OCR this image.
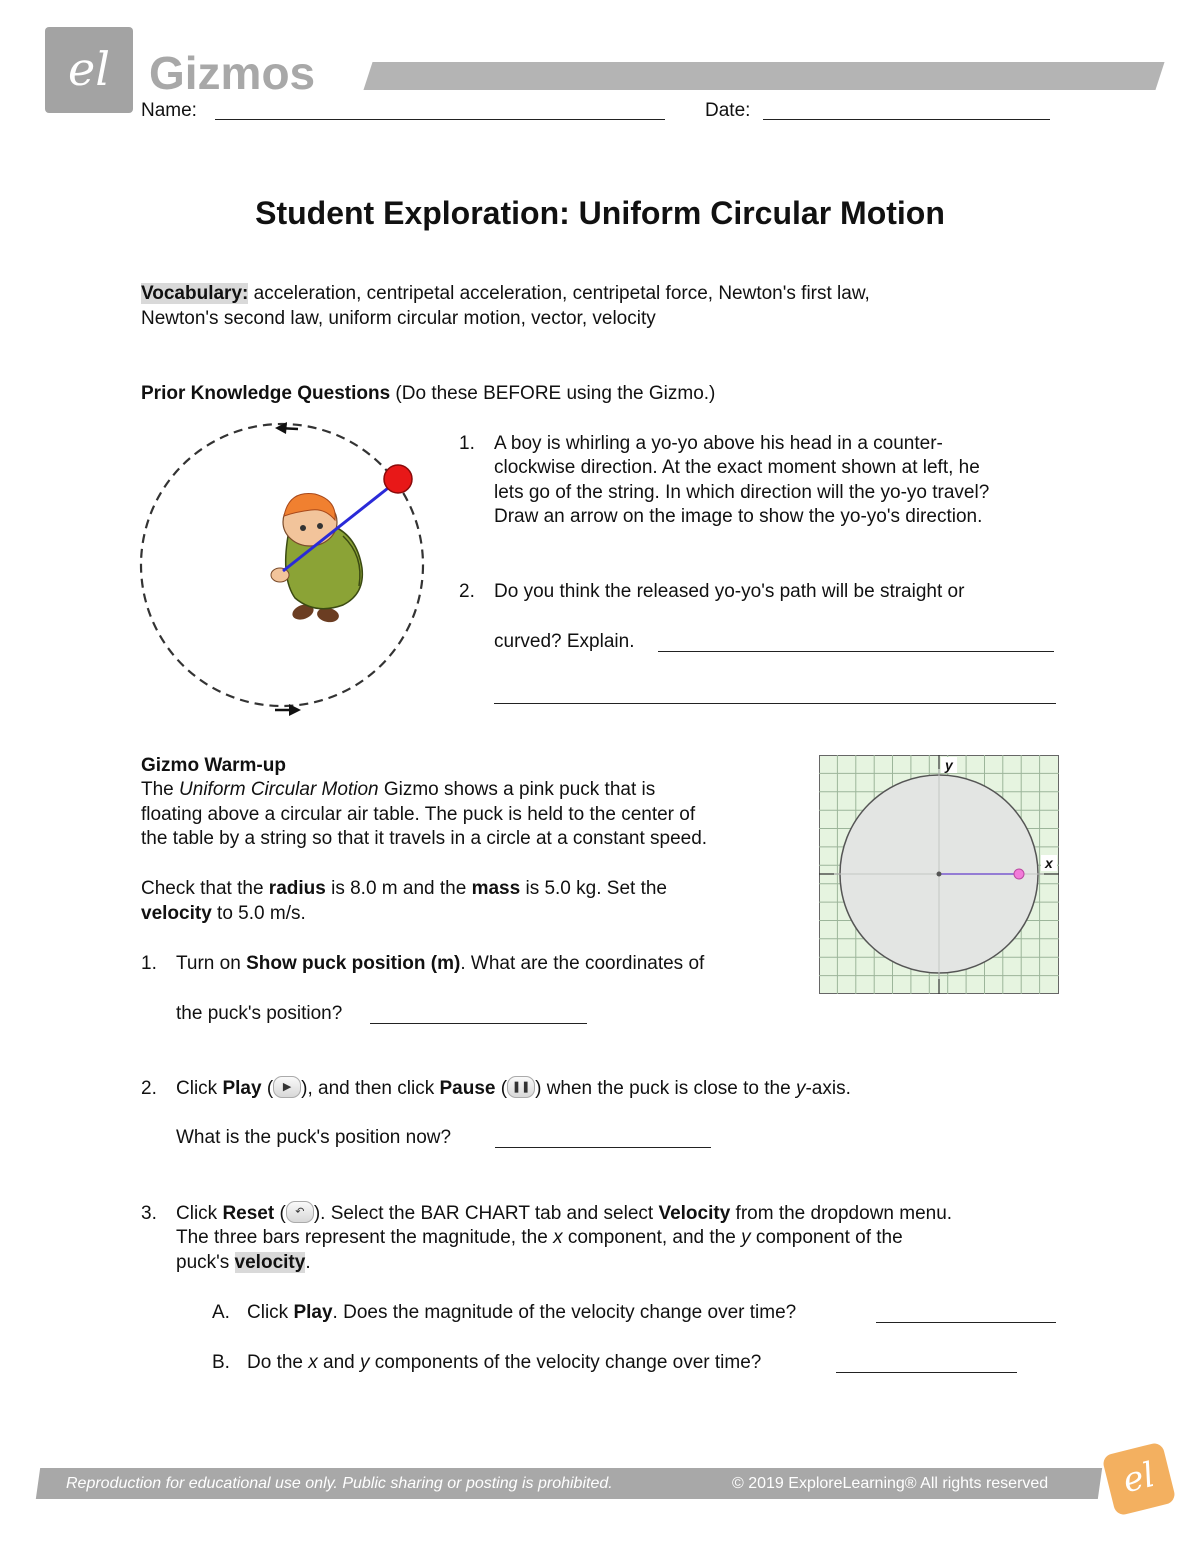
el Gizmos
Name:	Date:
Student Exploration: Uniform Circular Motion
Vocabulary: acceleration, centripetal acceleration, centripetal force, Newton's first law,
Newton's second law, uniform circular motion, vector, velocity
Prior Knowledge Questions (Do these BEFORE using the Gizmo.)
1. A boy is whirling a yo-yo above his head in a counter-
clockwise direction. At the exact moment shown at left, he
lets go of the string. In which direction will the yo-yo travel?
Draw an arrow on the image to show the yo-yo's direction.
2. Do you think the released yo-yo's path will be straight or
curved? Explain.
Gizmo Warm-up
The Uniform Circular Motion Gizmo shows a pink puck that is
floating above a circular air table. The puck is held to the center of
the table by a string so that it travels in a circle at a constant speed.
Check that the radius is 8.0 m and the mass is 5.0 kg. Set the
velocity to 5.0 m/s.
y
x
1. Turn on Show puck position (m). What are the coordinates of
the puck's position?
2. Click Play ( ▶ ), and then click Pause ( ❚❚ ) when the puck is close to the y-axis.
What is the puck's position now?
3. Click Reset ( ↶ ). Select the BAR CHART tab and select Velocity from the dropdown menu.
The three bars represent the magnitude, the x component, and the y component of the
puck's velocity.
A. Click Play. Does the magnitude of the velocity change over time?
B. Do the x and y components of the velocity change over time?
Reproduction for educational use only. Public sharing or posting is prohibited.	© 2019 ExploreLearning® All rights reserved	el
